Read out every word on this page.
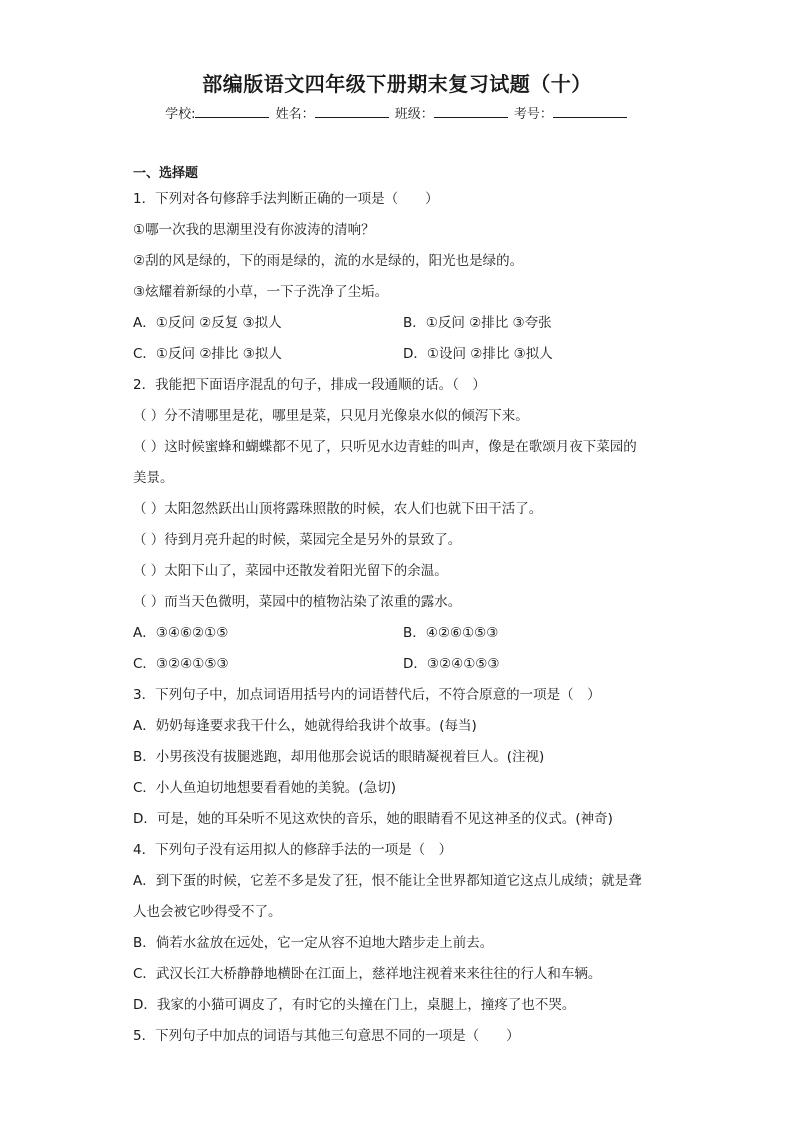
部编版语文四年级下册期末复习试题（十）
学校:	姓名：	班级：	考号：

一、选择题

1．下列对各句修辞手法判断正确的一项是（　　）

①哪一次我的思潮里没有你波涛的清响？

②刮的风是绿的，下的雨是绿的，流的水是绿的，阳光也是绿的。

③炫耀着新绿的小草，一下子洗净了尘垢。

A．①反问 ②反复 ③拟人	B．①反问 ②排比 ③夸张
C．①反问 ②排比 ③拟人	D．①设问 ②排比 ③拟人

2．我能把下面语序混乱的句子，排成一段通顺的话。（　）

（ ）分不清哪里是花，哪里是菜，只见月光像泉水似的倾泻下来。

（ ）这时候蜜蜂和蝴蝶都不见了，只听见水边青蛙的叫声，像是在歌颂月夜下菜园的

美景。

（ ）太阳忽然跃出山顶将露珠照散的时候，农人们也就下田干活了。

（ ）待到月亮升起的时候，菜园完全是另外的景致了。

（ ）太阳下山了，菜园中还散发着阳光留下的余温。

（ ）而当天色微明，菜园中的植物沾染了浓重的露水。

A．③④⑥②①⑤	B．④②⑥①⑤③
C．③②④①⑤③	D．③②④①⑤③

3．下列句子中，加点词语用括号内的词语替代后，不符合原意的一项是（　）

A．奶奶每逢要求我干什么，她就得给我讲个故事。(每当)

B．小男孩没有拔腿逃跑，却用他那会说话的眼睛凝视着巨人。(注视)

C．小人鱼迫切地想要看看她的美貌。(急切)

D．可是，她的耳朵听不见这欢快的音乐，她的眼睛看不见这神圣的仪式。(神奇)

4．下列句子没有运用拟人的修辞手法的一项是（　）

A．到下蛋的时候，它差不多是发了狂，恨不能让全世界都知道它这点儿成绩；就是聋

人也会被它吵得受不了。

B．倘若水盆放在远处，它一定从容不迫地大踏步走上前去。

C．武汉长江大桥静静地横卧在江面上，慈祥地注视着来来往往的行人和车辆。

D．我家的小猫可调皮了，有时它的头撞在门上，桌腿上，撞疼了也不哭。

5．下列句子中加点的词语与其他三句意思不同的一项是（　　）
